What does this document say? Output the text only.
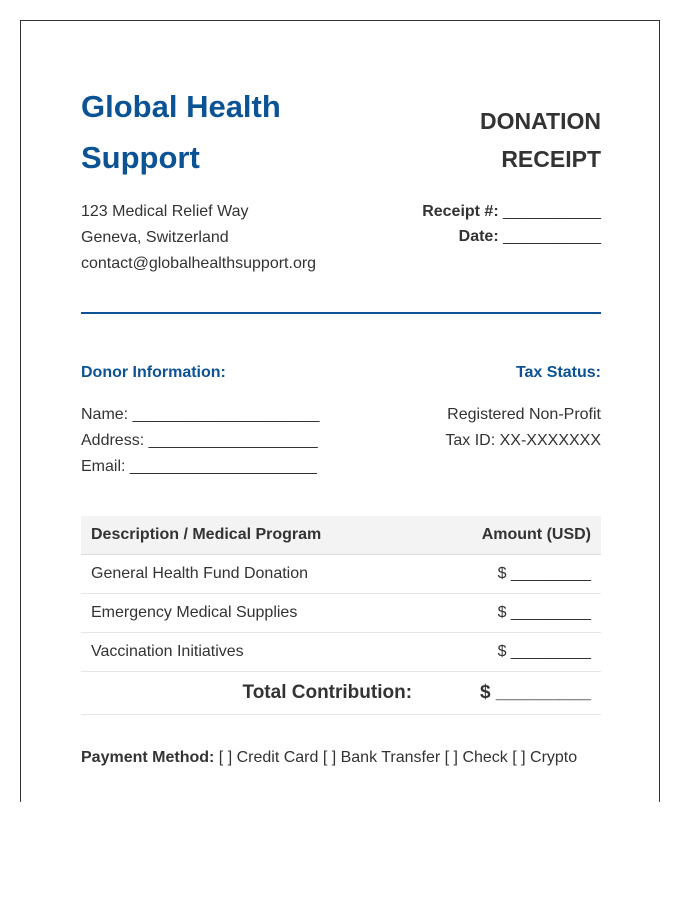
Global Health
Support
DONATION
RECEIPT
123 Medical Relief Way
Geneva, Switzerland
contact@globalhealthsupport.org
Receipt #: ___________
Date: ___________
Donor Information:	Tax Status:
Name: _____________________
Address: ___________________
Email: _____________________
Registered Non-Profit
Tax ID: XX-XXXXXXX
Description / Medical Program	Amount (USD)
General Health Fund Donation	$ _________
Emergency Medical Supplies	$ _________
Vaccination Initiatives	$ _________
Total Contribution:	$ _________
Payment Method: [ ] Credit Card [ ] Bank Transfer [ ] Check [ ] Crypto
